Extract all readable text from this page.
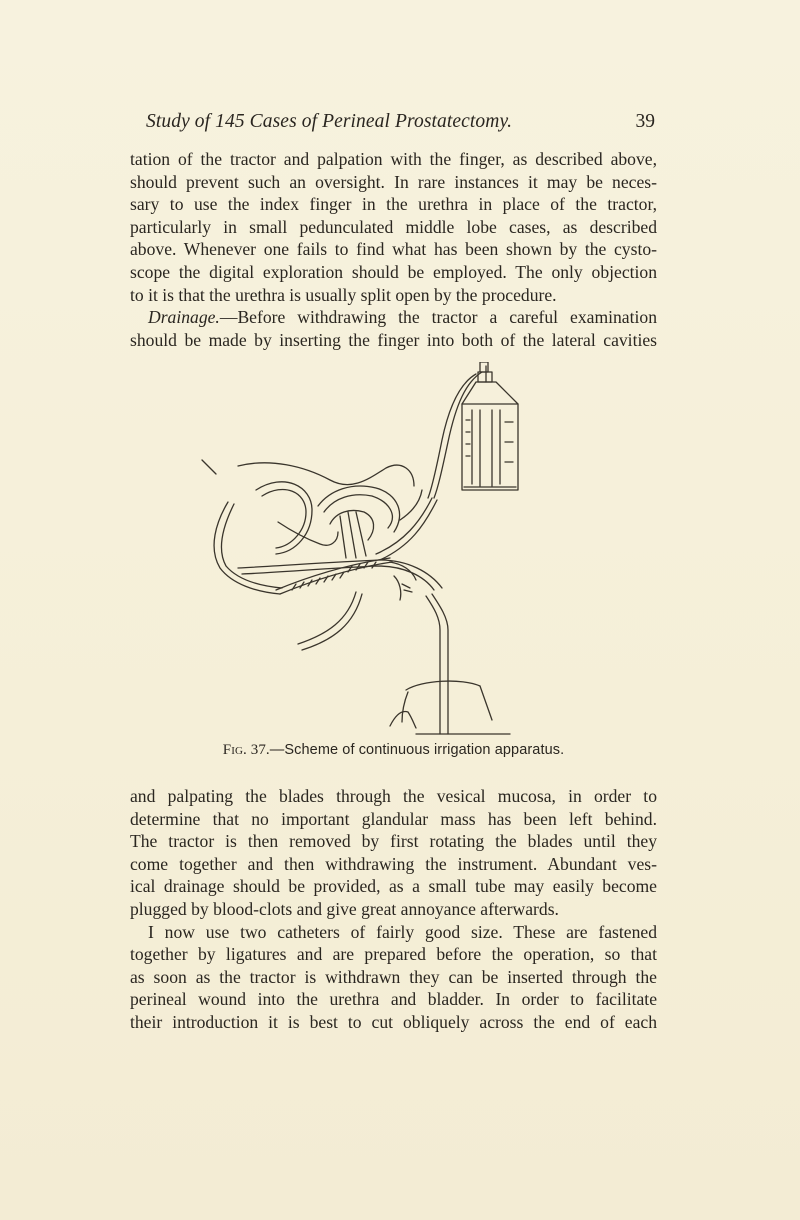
Study of 145 Cases of Perineal Prostatectomy.	39
tation of the tractor and palpation with the finger, as described above,
should prevent such an oversight. In rare instances it may be neces-
sary to use the index finger in the urethra in place of the tractor,
particularly in small pedunculated middle lobe cases, as described
above. Whenever one fails to find what has been shown by the cysto-
scope the digital exploration should be employed. The only objection
to it is that the urethra is usually split open by the procedure.
Drainage.—Before withdrawing the tractor a careful examination
should be made by inserting the finger into both of the lateral cavities
Fig. 37.—Scheme of continuous irrigation apparatus.
and palpating the blades through the vesical mucosa, in order to
determine that no important glandular mass has been left behind.
The tractor is then removed by first rotating the blades until they
come together and then withdrawing the instrument. Abundant ves-
ical drainage should be provided, as a small tube may easily become
plugged by blood-clots and give great annoyance afterwards.
I now use two catheters of fairly good size. These are fastened
together by ligatures and are prepared before the operation, so that
as soon as the tractor is withdrawn they can be inserted through the
perineal wound into the urethra and bladder. In order to facilitate
their introduction it is best to cut obliquely across the end of each
